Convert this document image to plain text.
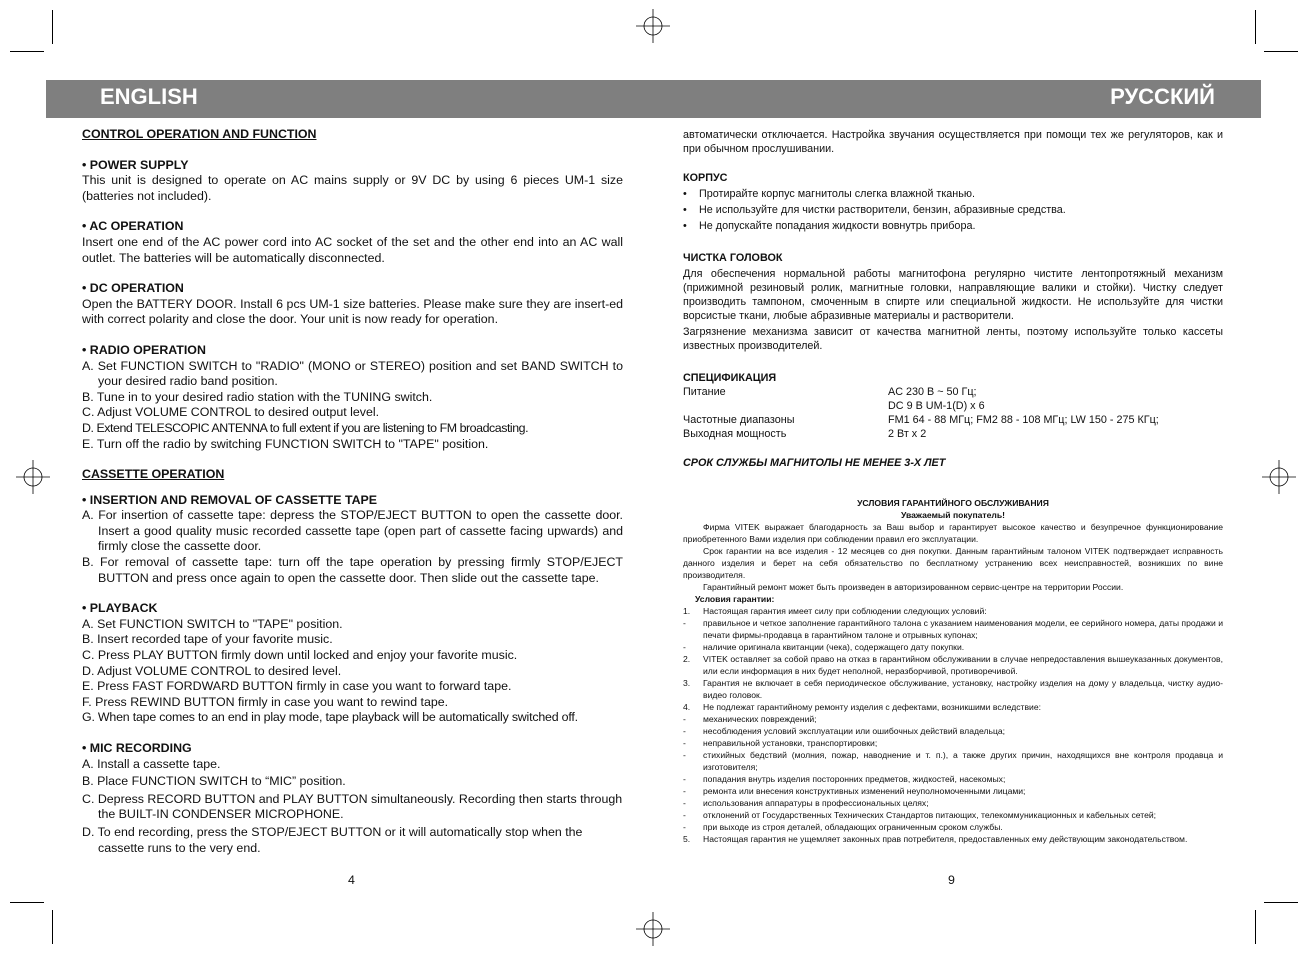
ENGLISH	РУССКИЙ

CONTROL OPERATION AND FUNCTION

• POWER SUPPLY

This unit is designed to operate on AC mains supply or 9V DC by using 6 pieces UM-1 size (batteries not included).

• AC OPERATION

Insert one end of the AC power cord into AC socket of the set and the other end into an AC wall outlet. The batteries will be automatically disconnected.

• DC OPERATION

Open the BATTERY DOOR. Install 6 pcs UM-1 size batteries. Please make sure they are insert-ed with correct polarity and close the door. Your unit is now ready for operation.

• RADIO OPERATION

A. Set FUNCTION SWITCH to "RADIO" (MONO or STEREO) position and set BAND SWITCH to your desired radio band position.

B. Tune in to your desired radio station with the TUNING switch.

C. Adjust VOLUME CONTROL to desired output level.

D. Extend TELESCOPIC ANTENNA to full extent if you are listening to FM broadcasting.

E. Turn off the radio by switching FUNCTION SWITCH to "TAPE" position.

CASSETTE OPERATION

• INSERTION AND REMOVAL OF CASSETTE TAPE

A. For insertion of cassette tape: depress the STOP/EJECT BUTTON to open the cassette door. Insert a good quality music recorded cassette tape (open part of cassette facing upwards) and firmly close the cassette door.

B. For removal of cassette tape: turn off the tape operation by pressing firmly STOP/EJECT BUTTON and press once again to open the cassette door. Then slide out the cassette tape.

• PLAYBACK

A. Set FUNCTION SWITCH to "TAPE" position.

B. Insert recorded tape of your favorite music.

C. Press PLAY BUTTON firmly down until locked and enjoy your favorite music.

D. Adjust VOLUME CONTROL to desired level.

E. Press FAST FORDWARD BUTTON firmly in case you want to forward tape.

F. Press REWIND BUTTON firmly in case you want to rewind tape.

G. When tape comes to an end in play mode, tape playback will be automatically switched off.

• MIC RECORDING

A. Install a cassette tape.

B. Place FUNCTION SWITCH to “MIC” position.

C. Depress RECORD BUTTON and PLAY BUTTON simultaneously. Recording then starts through the BUILT-IN CONDENSER MICROPHONE.

D. To end recording, press the STOP/EJECT BUTTON or it will automatically stop when the cassette runs to the very end.

4

автоматически отключается. Настройка звучания осуществляется при помощи тех же регуляторов, как и при обычном прослушивании.

КОРПУС

• Протирайте корпус магнитолы слегка влажной тканью.

• Не используйте для чистки растворители, бензин, абразивные средства.

• Не допускайте попадания жидкости вовнутрь прибора.

ЧИСТКА ГОЛОВОК

Для обеспечения нормальной работы магнитофона регулярно чистите лентопротяжный механизм (прижимной резиновый ролик, магнитные головки, направляющие валики и стойки). Чистку следует производить тампоном, смоченным в спирте или специальной жидкости. Не используйте для чистки ворсистые ткани, любые абразивные материалы и растворители.

Загрязнение механизма зависит от качества магнитной ленты, поэтому используйте только кассеты известных производителей.

СПЕЦИФИКАЦИЯ

Питание	AC 230 В ~ 50 Гц;
DC 9 В UM-1(D) x 6
Частотные диапазоны	FM1 64 - 88 МГц; FM2 88 - 108 МГц; LW 150 - 275 КГц;
Выходная мощность	2 Вт х 2

СРОК СЛУЖБЫ МАГНИТОЛЫ НЕ МЕНЕЕ 3-Х ЛЕТ

УСЛОВИЯ ГАРАНТИЙНОГО ОБСЛУЖИВАНИЯ

Уважаемый покупатель!

Фирма VITEK выражает благодарность за Ваш выбор и гарантирует высокое качество и безупречное функционирование приобретенного Вами изделия при соблюдении правил его эксплуатации.

Срок гарантии на все изделия - 12 месяцев со дня покупки. Данным гарантийным талоном VITEK подтверждает исправность данного изделия и берет на себя обязательство по бесплатному устранению всех неисправностей, возникших по вине производителя.

Гарантийный ремонт может быть произведен в авторизированном сервис-центре на территории России.

Условия гарантии:

1.	Настоящая гарантия имеет силу при соблюдении следующих условий:
-	правильное и четкое заполнение гарантийного талона с указанием наименования модели, ее серийного номера, даты продажи и печати фирмы-продавца в гарантийном талоне и отрывных купонах;
-	наличие оригинала квитанции (чека), содержащего дату покупки.
2.	VITEK оставляет за собой право на отказ в гарантийном обслуживании в случае непредоставления вышеуказанных документов, или если информация в них будет неполной, неразборчивой, противоречивой.
3.	Гарантия не включает в себя периодическое обслуживание, установку, настройку изделия на дому у владельца, чистку аудио-видео головок.
4.	Не подлежат гарантийному ремонту изделия с дефектами, возникшими вследствие:
-	механических повреждений;
-	несоблюдения условий эксплуатации или ошибочных действий владельца;
-	неправильной установки, транспортировки;
-	стихийных бедствий (молния, пожар, наводнение и т. п.), а также других причин, находящихся вне контроля продавца и изготовителя;
-	попадания внутрь изделия посторонних предметов, жидкостей, насекомых;
-	ремонта или внесения конструктивных изменений неуполномоченными лицами;
-	использования аппаратуры в профессиональных целях;
-	отклонений от Государственных Технических Стандартов питающих, телекоммуникационных и кабельных сетей;
-	при выходе из строя деталей, обладающих ограниченным сроком службы.
5.	Настоящая гарантия не ущемляет законных прав потребителя, предоставленных ему действующим законодательством.
9
